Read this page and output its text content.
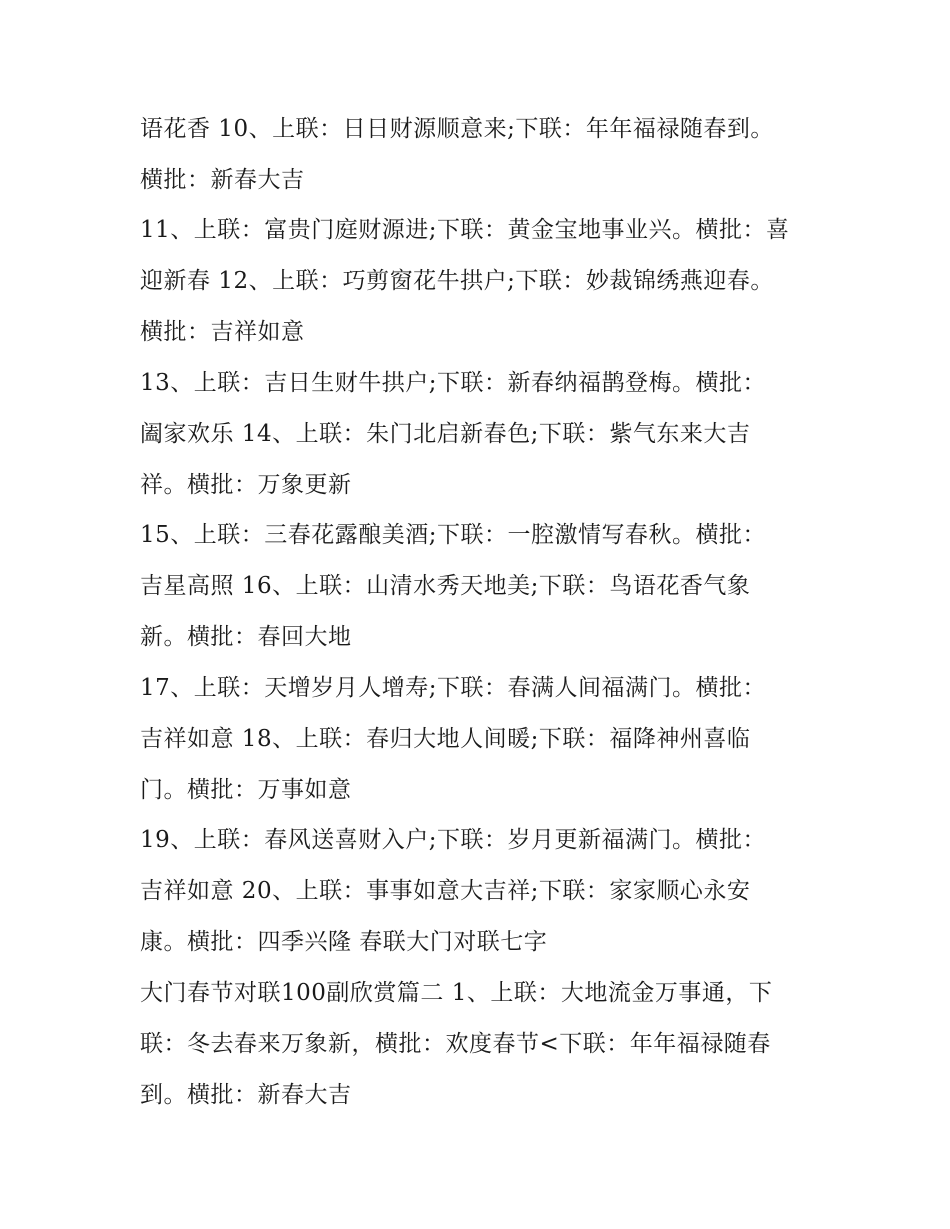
语花香 10、上联：日日财源顺意来;下联：年年福禄随春到。
横批：新春大吉
11、上联：富贵门庭财源进;下联：黄金宝地事业兴。横批：喜
迎新春 12、上联：巧剪窗花牛拱户;下联：妙裁锦绣燕迎春。
横批：吉祥如意
13、上联：吉日生财牛拱户;下联：新春纳福鹊登梅。横批：
阖家欢乐 14、上联：朱门北启新春色;下联：紫气东来大吉
祥。横批：万象更新
15、上联：三春花露酿美酒;下联：一腔激情写春秋。横批：
吉星高照 16、上联：山清水秀天地美;下联：鸟语花香气象
新。横批：春回大地
17、上联：天增岁月人增寿;下联：春满人间福满门。横批：
吉祥如意 18、上联：春归大地人间暖;下联：福降神州喜临
门。横批：万事如意
19、上联：春风送喜财入户;下联：岁月更新福满门。横批：
吉祥如意 20、上联：事事如意大吉祥;下联：家家顺心永安
康。横批：四季兴隆 春联大门对联七字
大门春节对联100副欣赏篇二 1、上联：大地流金万事通，下
联：冬去春来万象新，横批：欢度春节<下联：年年福禄随春
到。横批：新春大吉
